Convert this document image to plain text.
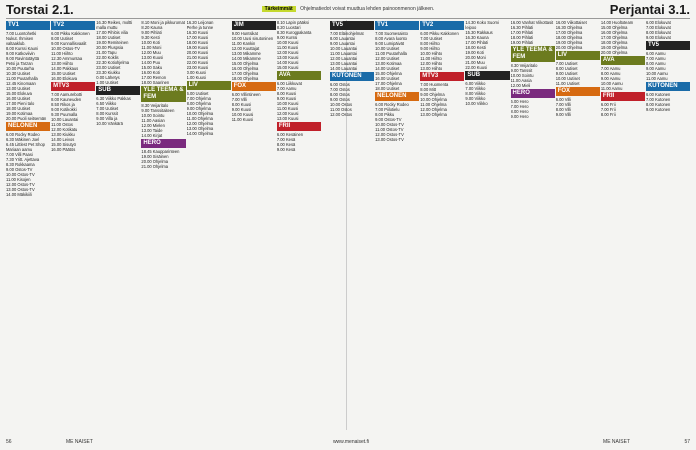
Torstai 2.1.	Tärkeimmät Ohjelmatiedot voivat muuttua lehden painoonmenon jälkeen.	Perjantai 3.1.
TV1
7.00 Luontohetki
Nukut. Ihmisen valtaaklub.
8.00 Kurssi Kauni
9.00 Katkoviivin
9.00 Ravintotäyttä
Petsi ja Tarzan
10.00 Puutarha
10.30 Uutiset
11.00 Puutarhalla
12.45 Kinomaan
13.00 Uutiset
15.00 Elokuva
16.00 Uutiset
17.00 Pieni talo
18.00 Uutiset
19.00 Kotimaa
20.00 Puoli seitsemän
NELONEN
6.00 Rocky Rodeo
6.30 Mäkinen Joel
6.45 Littlest Pet Shop
Mariaan aamu
7.00 Villi Paasi
7.30 Yritt. Ajettava
8.30 Rokkaama
9.00 Ostos-TV
10.00 Ostos-TV
11.00 Kisojen
12.00 Ostos-TV
13.00 Ostos-TV
14.00 Mäkikiili
TV2
6.00 Pikku Kakkonen
8.00 Uutiset
9.00 Kunnallisvaalit
10.00 Ostos-TV
11.00 Hiihto
12.30 Ammuntaa
13.00 Hiihto
14.00 Pakkaus
15.00 Uutiset
16.00 Elokuva
MTV3
7.00 Aamurebotti
8.00 Kauneuden
8.50 Rikos ja
9.00 Kotikokki
9.30 Puumalla
10.00 Lauantai
11.00 Ostos
12.00 Kotikatu
13.00 Kiukku
14.00 Leivos
15.00 Sisutyö
16.00 Päätös
16.30 Reikes, moltti
malla muttu
17.00 Pihlöis vilia
18.00 Uutiset
19.00 Remiteinen
20.00 Pluspsia
21.00 Tapu
22.00 Koklis
22.30 Kotiohjelma
23.00 Uutiset
23.30 Kiukku
0.00 Lähetys
1.00 Uutiset
SUB
6.30 Viikko Pakkas
6.50 Viikko
7.00 Uutiset
8.00 Kurssit
9.00 Villa ja
10.00 Vänkärä
8.10 Moni ja pikkuromat
8.20 Kauna
9.00 Pihlati
9.30 Kesti
10.00 Koti
11.00 Moni
12.00 Muu
13.00 Kuusi
14.00 Puu
15.00 Saku
16.00 Koti
17.00 Remon
18.00 Saarinen
YLE TEEMA & FEM
8.30 Veijaritalo
9.00 Tanssitaiteen
10.00 Sointu
11.00 Aasian
12.00 Mielen
13.00 Taide
14.00 Kirjat
HERO
18.45 Kaupparinteen
19.00 Sisäinen
20.00 Ohjelma
21.00 Ohjelma
16.20 Leijonan
Perhe ja tunne
16.30 Kuusi
17.00 Kuusi
18.00 Kuusi
19.00 Kuusi
20.00 Kuusi
21.00 Kuusi
22.00 Kuusi
23.00 Kuusi
0.00 Kuusi
1.00 Kuusi
LIV
6.00 Uutiset
7.00 Ohjelma
8.00 Ohjelma
9.00 Ohjelma
10.00 Ohjelma
11.00 Ohjelma
12.00 Ohjelma
13.00 Ohjelma
14.00 Ohjelma
JIM
9.00 Huntsikat
10.00 Uusi sisutoninen
11.00 Kankin
12.00 Kuuttajat
13.00 Mikamme
14.00 Mikamme
15.00 Ohjelma
16.00 Ohjelma
17.00 Ohjelma
18.00 Ohjelma
FOX
6.00 Villintineen
7.00 Villi
8.00 Kuusi
9.00 Kuusi
10.00 Kuusi
11.00 Kuusi
8.10 Lapin pääksi
8.20 Luostari
8.30 Kurogpakanta
9.00 Kurssi
10.00 Kuusi
11.00 Kuusi
12.00 Kuusi
13.00 Kuusi
14.00 Kuusi
15.00 Kuusi
AVA
6.00 Liikkuvat
7.00 Aamu
8.00 Kuusi
9.00 Kuusi
10.00 Kuusi
11.00 Kuusi
12.00 Kuusi
13.00 Kuusi
FRII
6.00 Kesäinen
7.00 Kesä
8.00 Kesä
9.00 Kesä
TV5
7.00 Eläinohjelmat
8.00 Lauantai
9.00 Lauantai
10.00 Lauantai
11.00 Lauantai
12.00 Lauantai
13.00 Lauantai
14.00 Lauantai
KUTONEN
6.00 Ostos
7.00 Ostos
8.00 Ostos
9.00 Ostos
10.00 Ostos
11.00 Ostos
12.00 Ostos
TV1
7.00 Suomesaisto
8.00 Avara luonto
9.00 Lumipäivät
10.00 Uutiset
11.00 Puutarhalla
12.00 Uutiset
13.00 Kotimaa
14.00 Uutiset
15.00 Ohjelma
16.00 Uutiset
17.00 Ohjelma
18.00 Uutiset
NELONEN
6.00 Rocky Rodeo
7.00 Piilotielu
8.00 Pikku
9.00 Ostos-TV
10.00 Ostos-TV
11.00 Ostos-TV
12.00 Ostos-TV
13.00 Ostos-TV
TV2
6.00 Pikku Kakkonen
7.00 Uutiset
8.00 Hiihto
9.00 Hiihto
10.00 Hiihto
11.00 Hiihto
12.00 Hiihto
13.00 Hiihto
MTV3
7.00 Huomenta
8.00 Mitt
9.00 Ohjelma
10.00 Ohjelma
11.00 Ohjelma
12.00 Ohjelma
13.00 Ohjelma
14.30 Koko Suomi leipoo
15.30 Rakkaus
16.30 Kauna
17.00 Pihlati
18.00 Kesti
19.00 Koti
20.00 Moni
21.00 Muu
22.00 Kuusi
SUB
6.00 Viikko
7.00 Viikko
8.00 Viikko
9.00 Viikko
10.00 Viikko
16.00 Vanhat Viikottasit
16.30 Pihlati
17.00 Pihlati
18.00 Pihlati
19.00 Pihlati
YLE TEEMA & FEM
8.30 Veijaritalo
9.00 Tanssit
10.00 Sointu
11.00 Aasia
12.00 Mieli
HERO
6.00 Hero
7.00 Hero
8.00 Hero
9.00 Hero
16.00 Viikottaiset
16.30 Ohjelma
17.00 Ohjelma
18.00 Ohjelma
19.00 Ohjelma
20.00 Ohjelma
LIV
7.00 Uutiset
8.00 Uutiset
9.00 Uutiset
10.00 Uutiset
11.00 Uutiset
FOX
6.00 Villi
7.00 Villi
8.00 Villi
9.00 Villi
14.00 Huoltoteam
15.00 Ohjelma
16.00 Ohjelma
17.00 Ohjelma
18.00 Ohjelma
19.00 Ohjelma
20.00 Ohjelma
AVA
7.00 Aamu
8.00 Aamu
9.00 Aamu
10.00 Aamu
11.00 Aamu
FRII
6.00 Frii
7.00 Frii
8.00 Frii
6.00 Elokuvat
7.00 Elokuvat
8.00 Elokuvat
9.00 Elokuvat
TV5
6.00 Aamu
7.00 Aamu
8.00 Aamu
9.00 Aamu
10.00 Aamu
11.00 Aamu
KUTONEN
6.00 Kutonen
7.00 Kutonen
8.00 Kutonen
9.00 Kutonen
56	ME NAISET	www.menaiset.fi	ME NAISET	57
